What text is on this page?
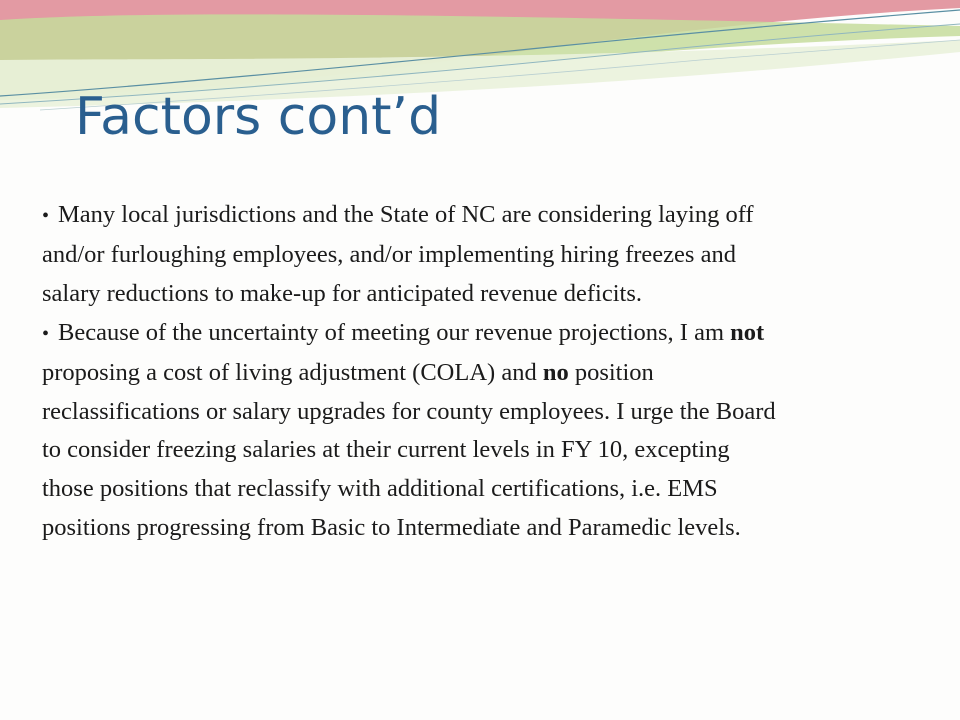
Factors cont’d

• Many local jurisdictions and the State of NC are considering laying off and/or furloughing employees, and/or implementing hiring freezes and salary reductions to make-up for anticipated revenue deficits.

• Because of the uncertainty of meeting our revenue projections, I am not proposing a cost of living adjustment (COLA) and no position reclassifications or salary upgrades for county employees. I urge the Board to consider freezing salaries at their current levels in FY 10, excepting those positions that reclassify with additional certifications, i.e. EMS positions progressing from Basic to Intermediate and Paramedic levels.
